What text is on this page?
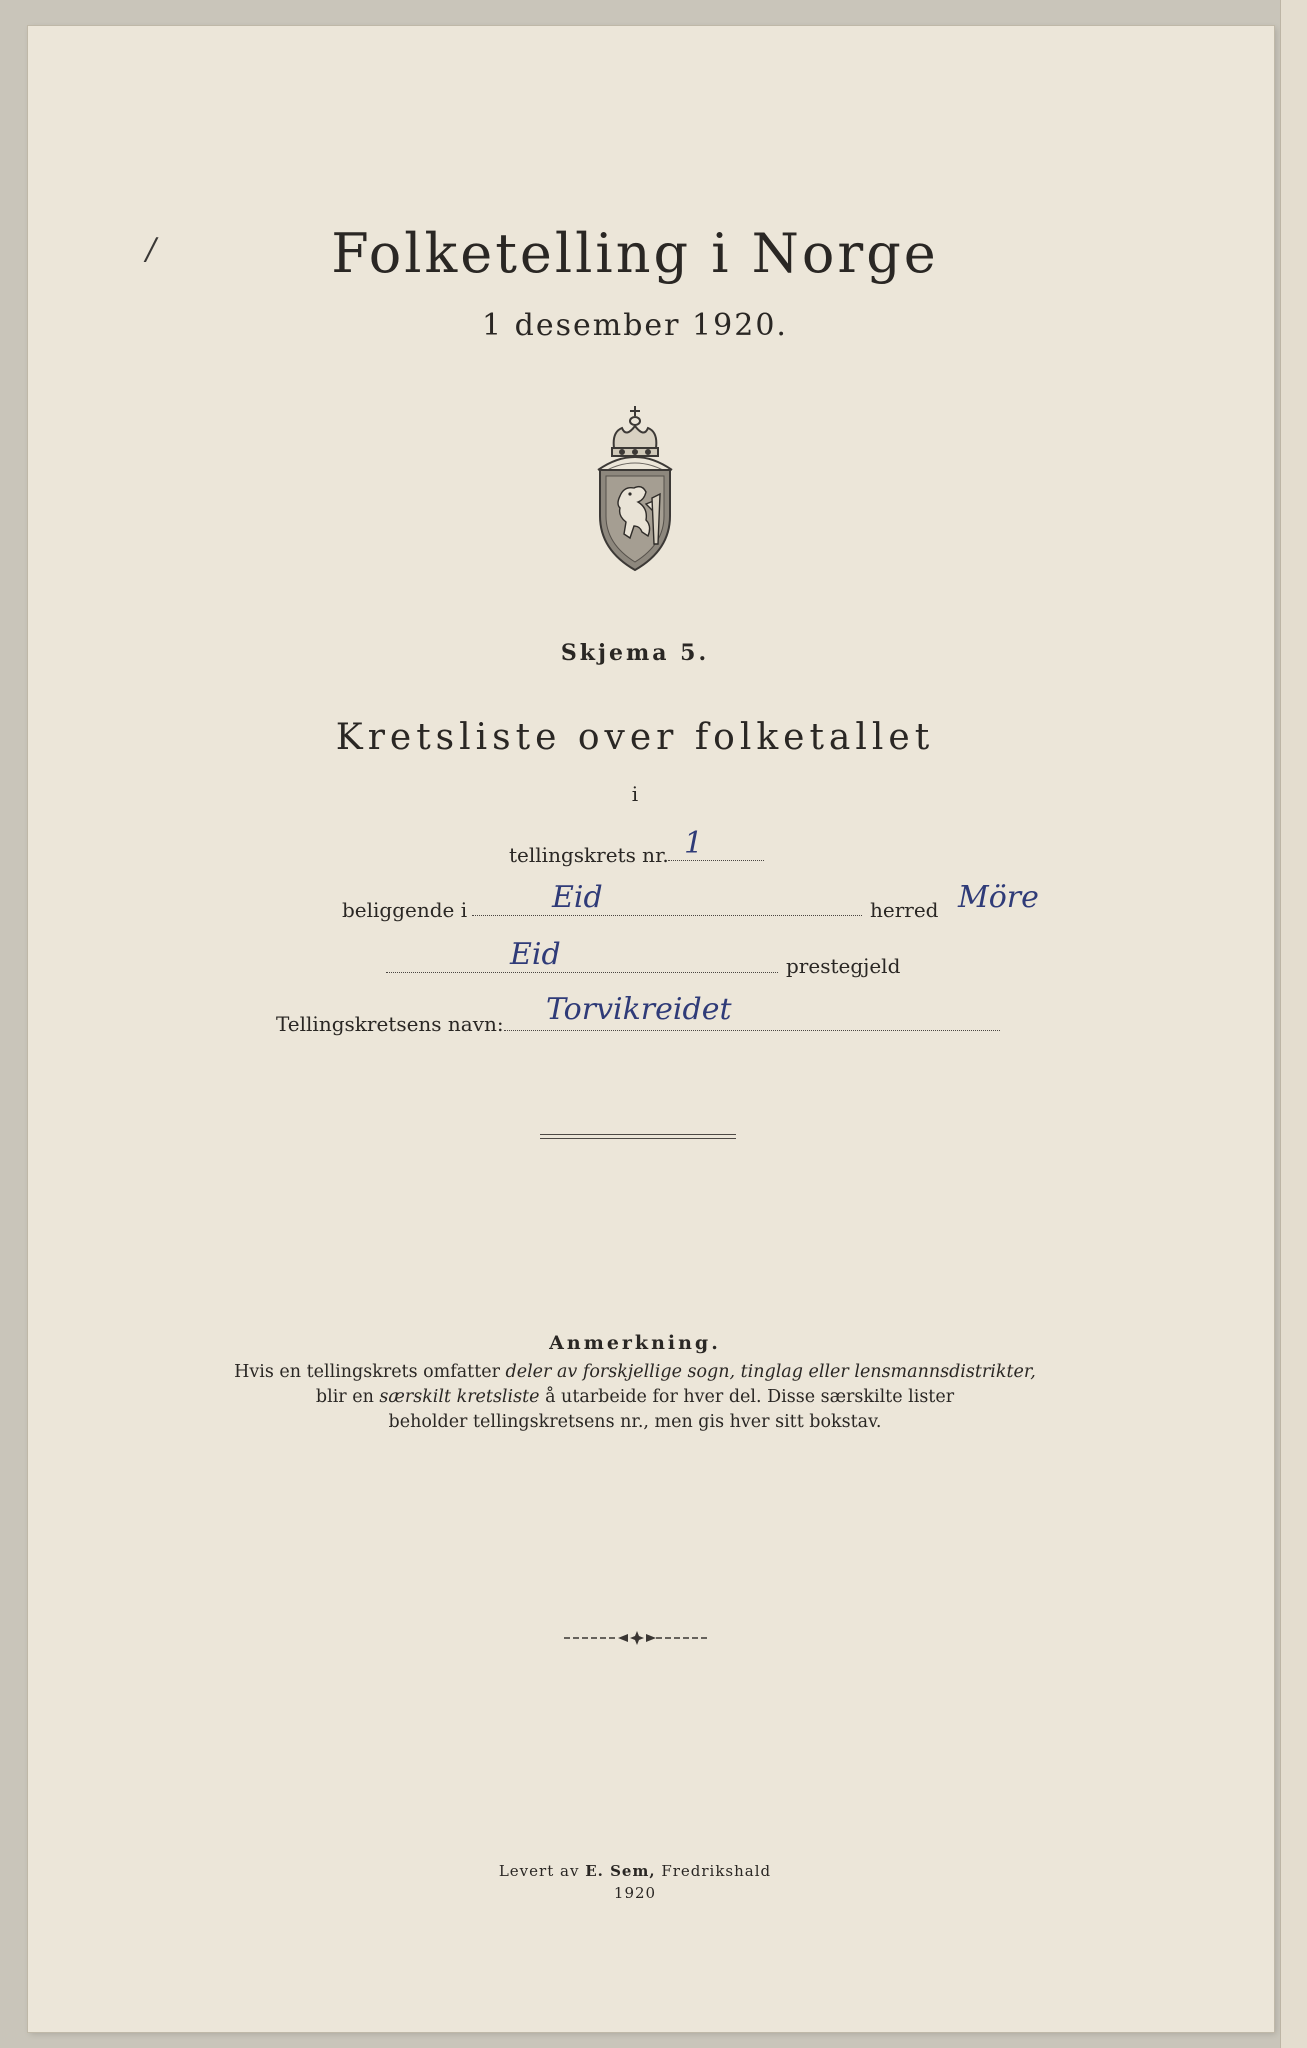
/	Folketelling i Norge
1 desember 1920.
Skjema 5.
Kretsliste over folketallet
i
tellingskrets nr. 1
beliggende i	Eid	herred Möre
Eid	prestegjeld
Tellingskretsens navn: Torvikreidet
Anmerkning.
Hvis en tellingskrets omfatter deler av forskjellige sogn, tinglag eller lensmannsdistrikter,
blir en særskilt kretsliste å utarbeide for hver del. Disse særskilte lister
beholder tellingskretsens nr., men gis hver sitt bokstav.
Levert av E. Sem, Fredrikshald
1920
